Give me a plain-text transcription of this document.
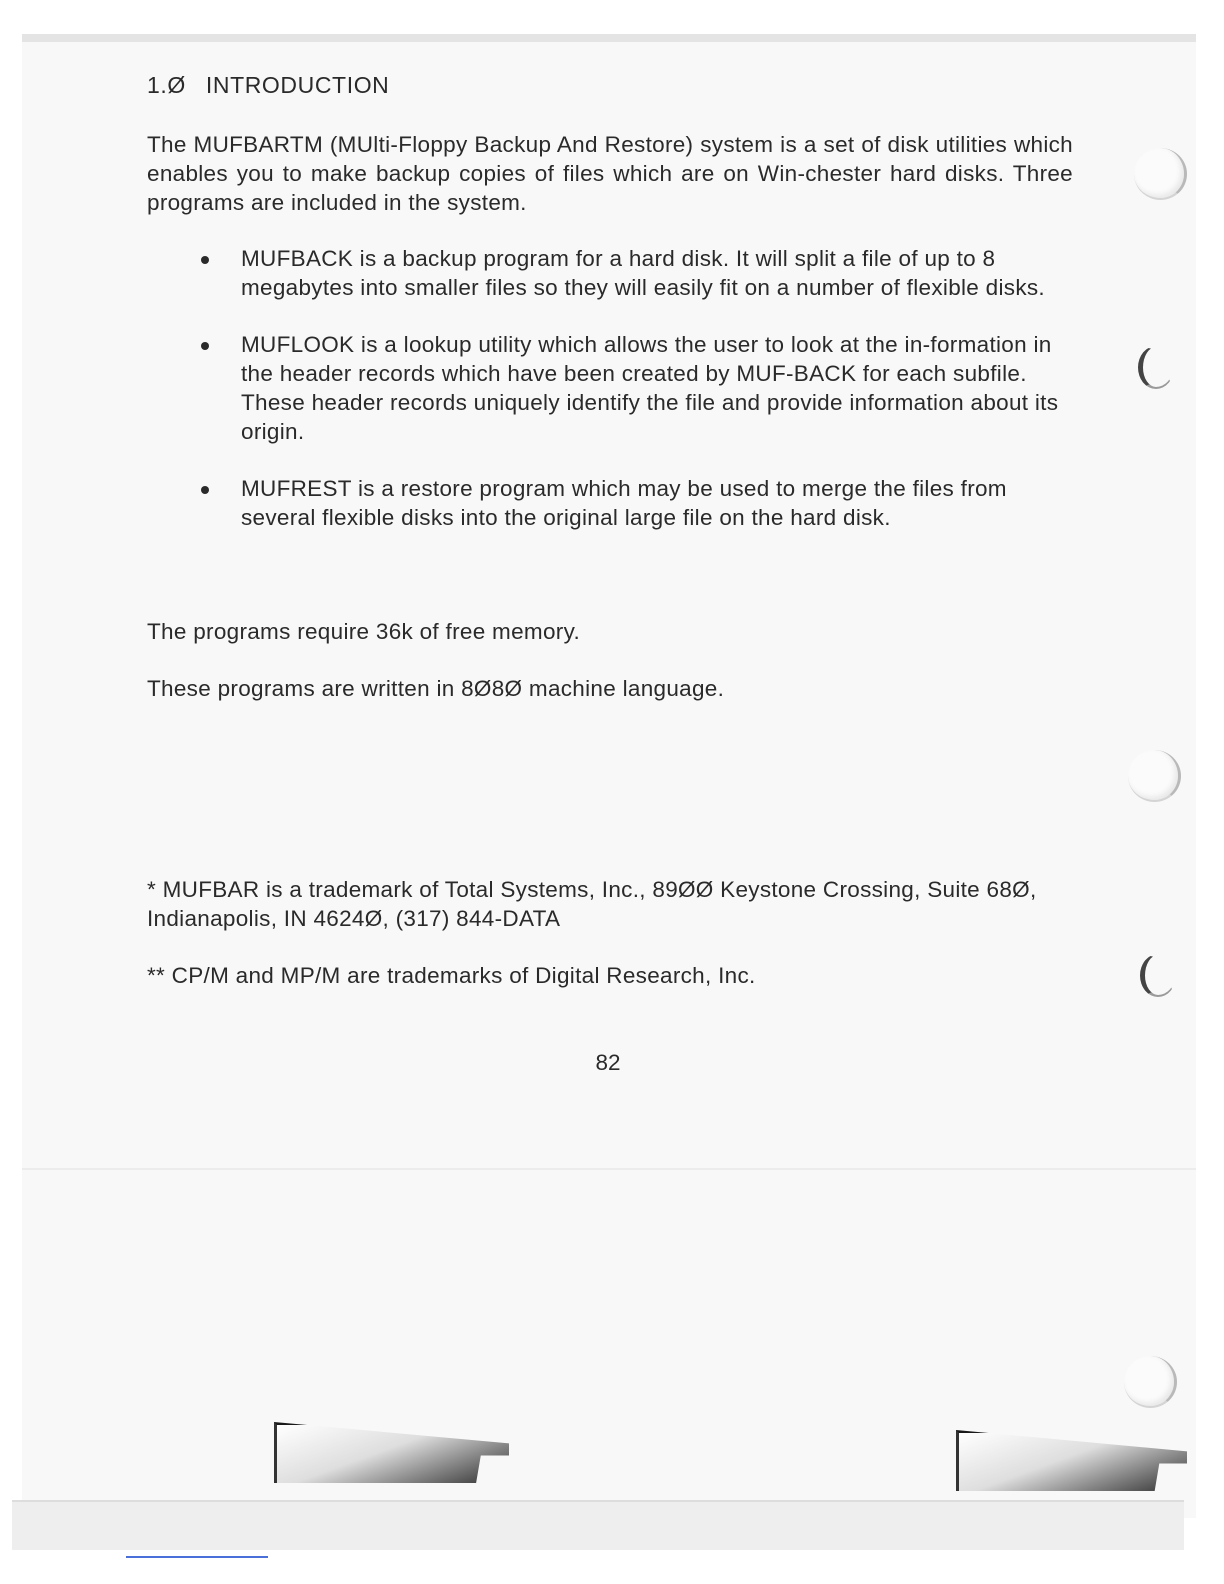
1.Ø INTRODUCTION

The MUFBARTM (MUlti-Floppy Backup And Restore) system is a set of disk utilities which enables you to make backup copies of files which are on Win-chester hard disks. Three programs are included in the system.

MUFBACK is a backup program for a hard disk. It will split a file of up to 8 megabytes into smaller files so they will easily fit on a number of flexible disks.
MUFLOOK is a lookup utility which allows the user to look at the in-formation in the header records which have been created by MUF-BACK for each subfile. These header records uniquely identify the file and provide information about its origin.
MUFREST is a restore program which may be used to merge the files from several flexible disks into the original large file on the hard disk.

The programs require 36k of free memory.

These programs are written in 8Ø8Ø machine language.

* MUFBAR is a trademark of Total Systems, Inc., 89ØØ Keystone Crossing, Suite 68Ø, Indianapolis, IN 4624Ø, (317) 844-DATA

** CP/M and MP/M are trademarks of Digital Research, Inc.

82
